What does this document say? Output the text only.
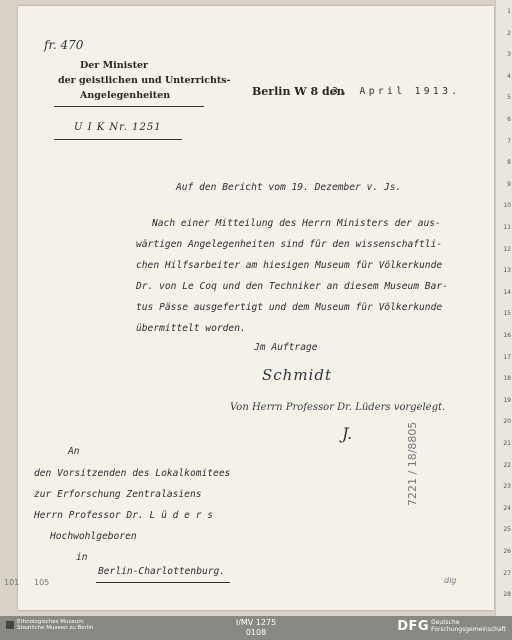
fr. 470
Der Minister
der geistlichen und Unterrichts-
Angelegenheiten
U I K Nr. 1251
Berlin W 8 den
3. April 1913.
Auf den Bericht vom 19. Dezember v. Js.
Nach einer Mitteilung des Herrn Ministers der aus-
wärtigen Angelegenheiten sind für den wissenschaftli-
chen Hilfsarbeiter am hiesigen Museum für Völkerkunde
Dr. von Le Coq und den Techniker an diesem Museum Bar-
tus Pässe ausgefertigt und dem Museum für Völkerkunde
übermittelt worden.
Jm Auftrage
Schmidt
Von Herrn Professor Dr. Lüders vorgelegt.
J.
An
den Vorsitzenden des Lokalkomitees
zur Erforschung Zentralasiens
Herrn Professor Dr. L ü d e r s
Hochwohlgeboren
in
Berlin-Charlottenburg.
7221 / 18/8805
101 105	dig
1
2
3
4
5
6
7
8
9
10
11
12
13
14
15
16
17
18
19
20
21
22
23
24
25
26
27
28
Ethnologisches Museum
Staatliche Museen zu Berlin
I/MV 1275
0108	DFG Deutsche
Forschungsgemeinschaft
